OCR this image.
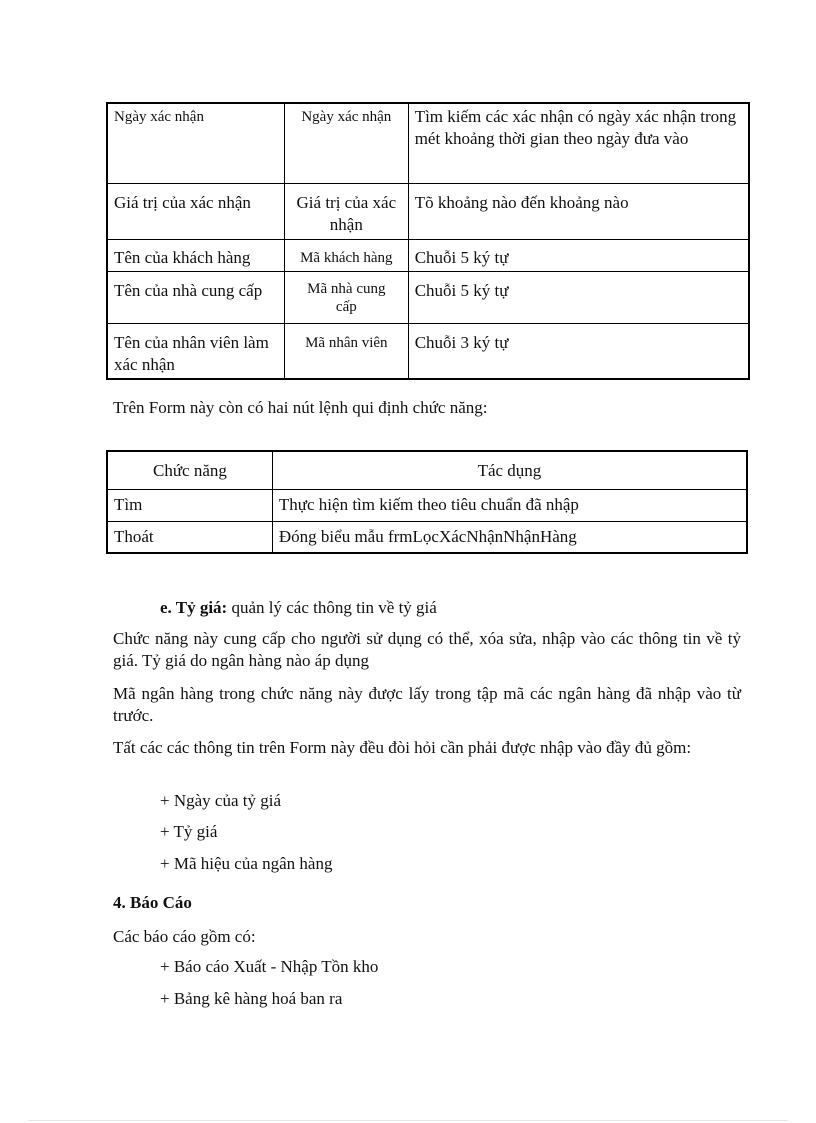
Ngày xác nhận	Ngày xác nhận	Tìm kiếm các xác nhận có ngày xác nhận trong mét khoảng thời gian theo ngày đưa vào
Giá trị của xác nhận	Giá trị của xác nhận	Tõ khoảng nào đến khoảng nào
Tên của khách hàng	Mã khách hàng	Chuỗi 5 ký tự
Tên của nhà cung cấp	Mã nhà cung cấp	Chuỗi 5 ký tự
Tên của nhân viên làm xác nhận	Mã nhân viên	Chuỗi 3 ký tự
Trên Form này còn có hai nút lệnh qui định chức năng:
Chức năng	Tác dụng
Tìm	Thực hiện tìm kiếm theo tiêu chuẩn đã nhập
Thoát	Đóng biểu mẫu frmLọcXácNhậnNhậnHàng
e. Tỷ giá: quản lý các thông tin về tỷ giá
Chức năng này cung cấp cho người sử dụng có thể, xóa sửa, nhập vào các thông tin về tỷ giá. Tỷ giá do ngân hàng nào áp dụng
Mã ngân hàng trong chức năng này được lấy trong tập mã các ngân hàng đã nhập vào từ trước.
Tất các các thông tin trên Form này đều đòi hỏi cần phải được nhập vào đầy đủ gồm:
+ Ngày của tỷ giá
+ Tỷ giá
+ Mã hiệu của ngân hàng
4. Báo Cáo
Các báo cáo gồm có:
+ Báo cáo Xuất - Nhập Tồn kho
+ Bảng kê hàng hoá ban ra
